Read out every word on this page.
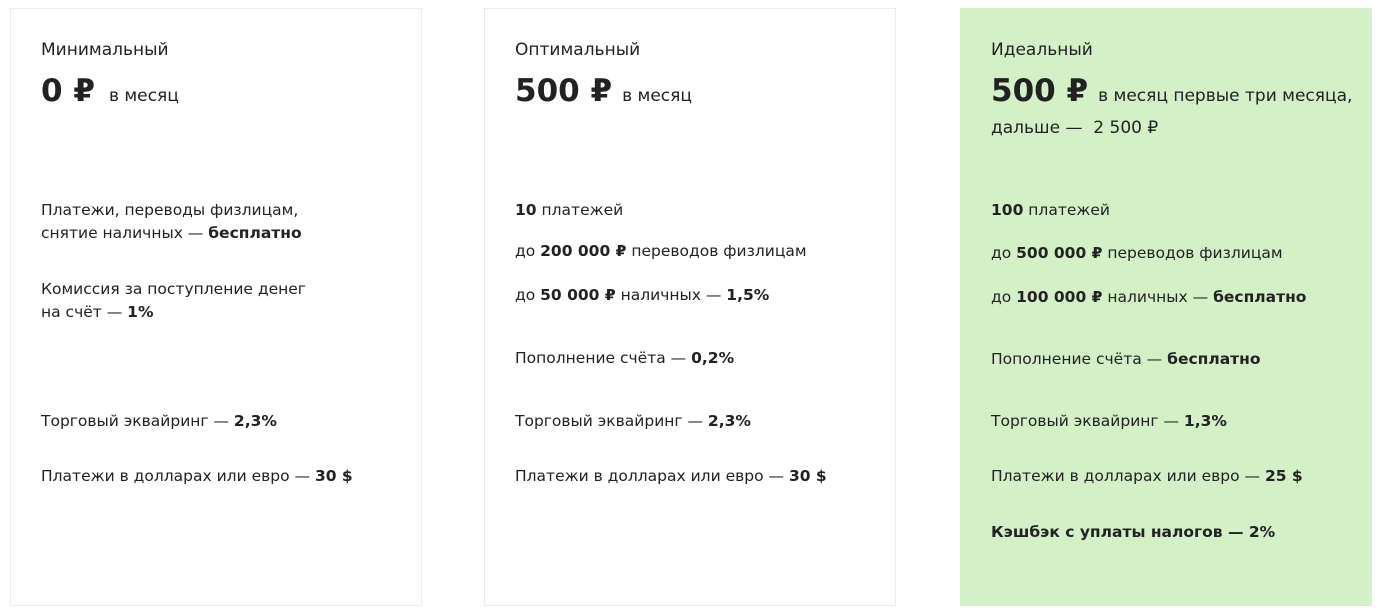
Минимальный
0 ₽ в месяц
Платежи, переводы физлицам,
снятие наличных — бесплатно
Комиссия за поступление денег
на счёт — 1%
Торговый эквайринг — 2,3%
Платежи в долларах или евро — 30 $
Оптимальный
500 ₽ в месяц
10 платежей
до 200 000 ₽ переводов физлицам
до 50 000 ₽ наличных — 1,5%
Пополнение счёта — 0,2%
Торговый эквайринг — 2,3%
Платежи в долларах или евро — 30 $
Идеальный
500 ₽ в месяц первые три месяца,
дальше — 2 500 ₽
100 платежей
до 500 000 ₽ переводов физлицам
до 100 000 ₽ наличных — бесплатно
Пополнение счёта — бесплатно
Торговый эквайринг — 1,3%
Платежи в долларах или евро — 25 $
Кэшбэк с уплаты налогов — 2%
